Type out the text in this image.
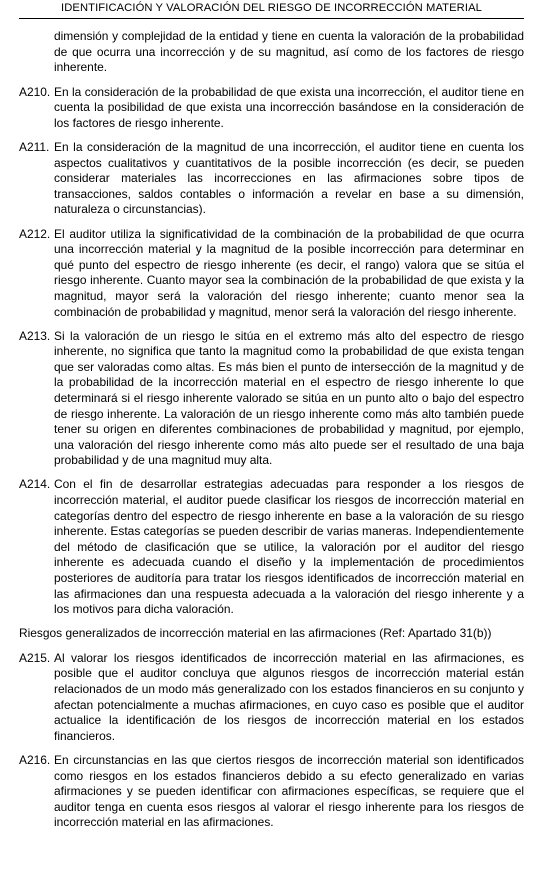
IDENTIFICACIÓN Y VALORACIÓN DEL RIESGO DE INCORRECCIÓN MATERIAL
dimensión y complejidad de la entidad y tiene en cuenta la valoración de la probabilidad de que ocurra una incorrección y de su magnitud, así como de los factores de riesgo inherente.
A210. En la consideración de la probabilidad de que exista una incorrección, el auditor tiene en cuenta la posibilidad de que exista una incorrección basándose en la consideración de los factores de riesgo inherente.
A211. En la consideración de la magnitud de una incorrección, el auditor tiene en cuenta los aspectos cualitativos y cuantitativos de la posible incorrección (es decir, se pueden considerar materiales las incorrecciones en las afirmaciones sobre tipos de transacciones, saldos contables o información a revelar en base a su dimensión, naturaleza o circunstancias).
A212. El auditor utiliza la significatividad de la combinación de la probabilidad de que ocurra una incorrección material y la magnitud de la posible incorrección para determinar en qué punto del espectro de riesgo inherente (es decir, el rango) valora que se sitúa el riesgo inherente. Cuanto mayor sea la combinación de la probabilidad de que exista y la magnitud, mayor será la valoración del riesgo inherente; cuanto menor sea la combinación de probabilidad y magnitud, menor será la valoración del riesgo inherente.
A213. Si la valoración de un riesgo le sitúa en el extremo más alto del espectro de riesgo inherente, no significa que tanto la magnitud como la probabilidad de que exista tengan que ser valoradas como altas. Es más bien el punto de intersección de la magnitud y de la probabilidad de la incorrección material en el espectro de riesgo inherente lo que determinará si el riesgo inherente valorado se sitúa en un punto alto o bajo del espectro de riesgo inherente. La valoración de un riesgo inherente como más alto también puede tener su origen en diferentes combinaciones de probabilidad y magnitud, por ejemplo, una valoración del riesgo inherente como más alto puede ser el resultado de una baja probabilidad y de una magnitud muy alta.
A214. Con el fin de desarrollar estrategias adecuadas para responder a los riesgos de incorrección material, el auditor puede clasificar los riesgos de incorrección material en categorías dentro del espectro de riesgo inherente en base a la valoración de su riesgo inherente. Estas categorías se pueden describir de varias maneras. Independientemente del método de clasificación que se utilice, la valoración por el auditor del riesgo inherente es adecuada cuando el diseño y la implementación de procedimientos posteriores de auditoría para tratar los riesgos identificados de incorrección material en las afirmaciones dan una respuesta adecuada a la valoración del riesgo inherente y a los motivos para dicha valoración.
Riesgos generalizados de incorrección material en las afirmaciones (Ref: Apartado 31(b))
A215. Al valorar los riesgos identificados de incorrección material en las afirmaciones, es posible que el auditor concluya que algunos riesgos de incorrección material están relacionados de un modo más generalizado con los estados financieros en su conjunto y afectan potencialmente a muchas afirmaciones, en cuyo caso es posible que el auditor actualice la identificación de los riesgos de incorrección material en los estados financieros.
A216. En circunstancias en las que ciertos riesgos de incorrección material son identificados como riesgos en los estados financieros debido a su efecto generalizado en varias afirmaciones y se pueden identificar con afirmaciones específicas, se requiere que el auditor tenga en cuenta esos riesgos al valorar el riesgo inherente para los riesgos de incorrección material en las afirmaciones.
